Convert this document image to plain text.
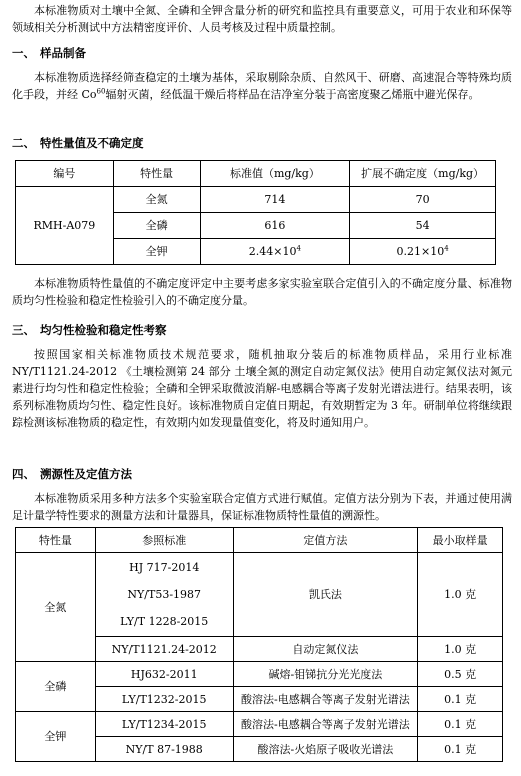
本标准物质对土壤中全氮、全磷和全钾含量分析的研究和监控具有重要意义，可用于农业和环保等领域相关分析测试中方法精密度评价、人员考核及过程中质量控制。

一、 样品制备

本标准物质选择经筛查稳定的土壤为基体，采取剔除杂质、自然风干、研磨、高速混合等特殊均质化手段，并经 Co$^{60}$辐射灭菌，经低温干燥后将样品在洁净室分装于高密度聚乙烯瓶中避光保存。

二、 特性量值及不确定度

编号	特性量	标准值（mg/kg）	扩展不确定度（mg/kg）
RMH-A079	全氮	714	70
	全磷	616	54
	全钾	$2.44\times 10^4$	$0.21\times 10^4$

本标准物质特性量值的不确定度评定中主要考虑多家实验室联合定值引入的不确定度分量、标准物质均匀性检验和稳定性检验引入的不确定度分量。

三、 均匀性检验和稳定性考察

按照国家相关标准物质技术规范要求，随机抽取分装后的标准物质样品，采用行业标准NY/T1121.24-2012 《土壤检测第 24 部分 土壤全氮的测定自动定氮仪法》使用自动定氮仪法对氮元素进行均匀性和稳定性检验；全磷和全钾采取微波消解-电感耦合等离子发射光谱法进行。结果表明，该系列标准物质均匀性、稳定性良好。该标准物质自定值日期起，有效期暂定为 3 年。研制单位将继续跟踪检测该标准物质的稳定性，有效期内如发现量值变化，将及时通知用户。

四、 溯源性及定值方法

本标准物质采用多种方法多个实验室联合定值方式进行赋值。定值方法分别为下表，并通过使用满足计量学特性要求的测量方法和计量器具，保证标准物质特性量值的溯源性。

特性量	参照标准	定值方法	最小取样量
全氮	HJ 717-2014
NY/T53-1987
LY/T 1228-2015	凯氏法	1.0 克
	NY/T1121.24-2012	自动定氮仪法	1.0 克
全磷	HJ632-2011	碱熔-钼锑抗分光光度法	0.5 克
	LY/T1232-2015	酸溶法-电感耦合等离子发射光谱法	0.1 克
全钾	LY/T1234-2015	酸溶法-电感耦合等离子发射光谱法	0.1 克
	NY/T 87-1988	酸溶法-火焰原子吸收光谱法	0.1 克
